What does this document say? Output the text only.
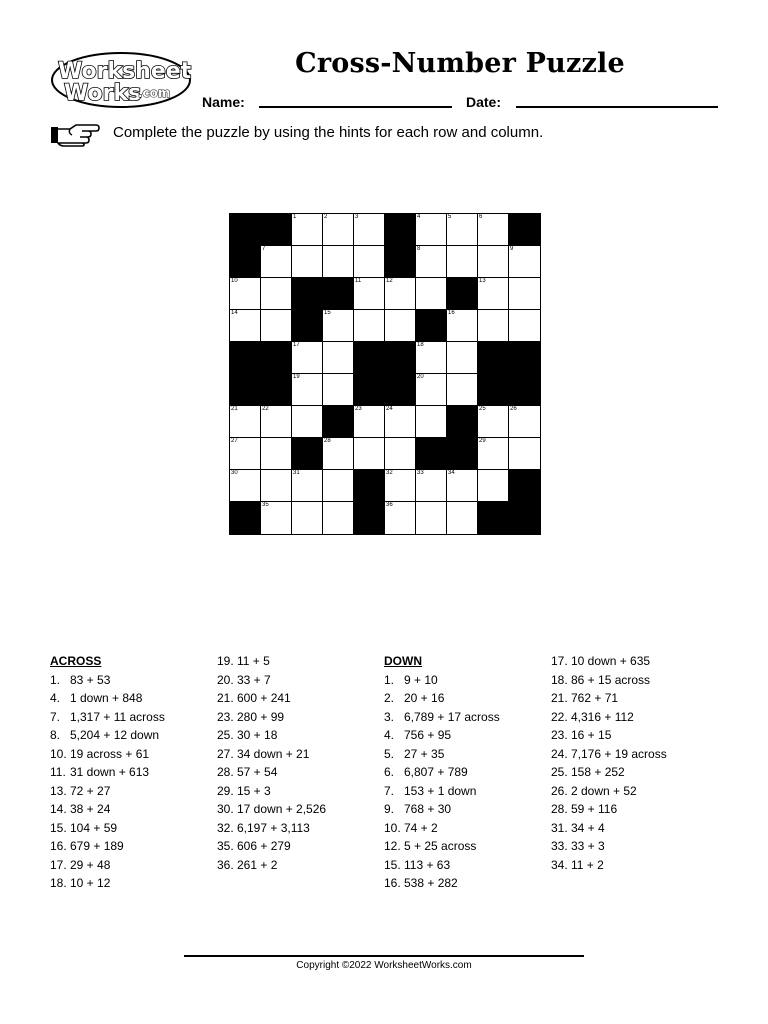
Worksheet
Works
.com
Cross-Number Puzzle
Name:	Date:
Complete the puzzle by using the hints for each row and column.
1	2	3	4	5	6
7	8	9
10	11	12	13
14	15	16
17	18
19	20
21	22	23	24	25	26
27	28	29
30	31	32	33	34
35	36
ACROSS
1. 83 + 53
4. 1 down + 848
7. 1,317 + 11 across
8. 5,204 + 12 down
10. 19 across + 61
11. 31 down + 613
13. 72 + 27
14. 38 + 24
15. 104 + 59
16. 679 + 189
17. 29 + 48
18. 10 + 12
19. 11 + 5
20. 33 + 7
21. 600 + 241
23. 280 + 99
25. 30 + 18
27. 34 down + 21
28. 57 + 54
29. 15 + 3
30. 17 down + 2,526
32. 6,197 + 3,113
35. 606 + 279
36. 261 + 2
DOWN
1. 9 + 10
2. 20 + 16
3. 6,789 + 17 across
4. 756 + 95
5. 27 + 35
6. 6,807 + 789
7. 153 + 1 down
9. 768 + 30
10. 74 + 2
12. 5 + 25 across
15. 113 + 63
16. 538 + 282
17. 10 down + 635
18. 86 + 15 across
21. 762 + 71
22. 4,316 + 112
23. 16 + 15
24. 7,176 + 19 across
25. 158 + 252
26. 2 down + 52
28. 59 + 116
31. 34 + 4
33. 33 + 3
34. 11 + 2
Copyright ©2022 WorksheetWorks.com
